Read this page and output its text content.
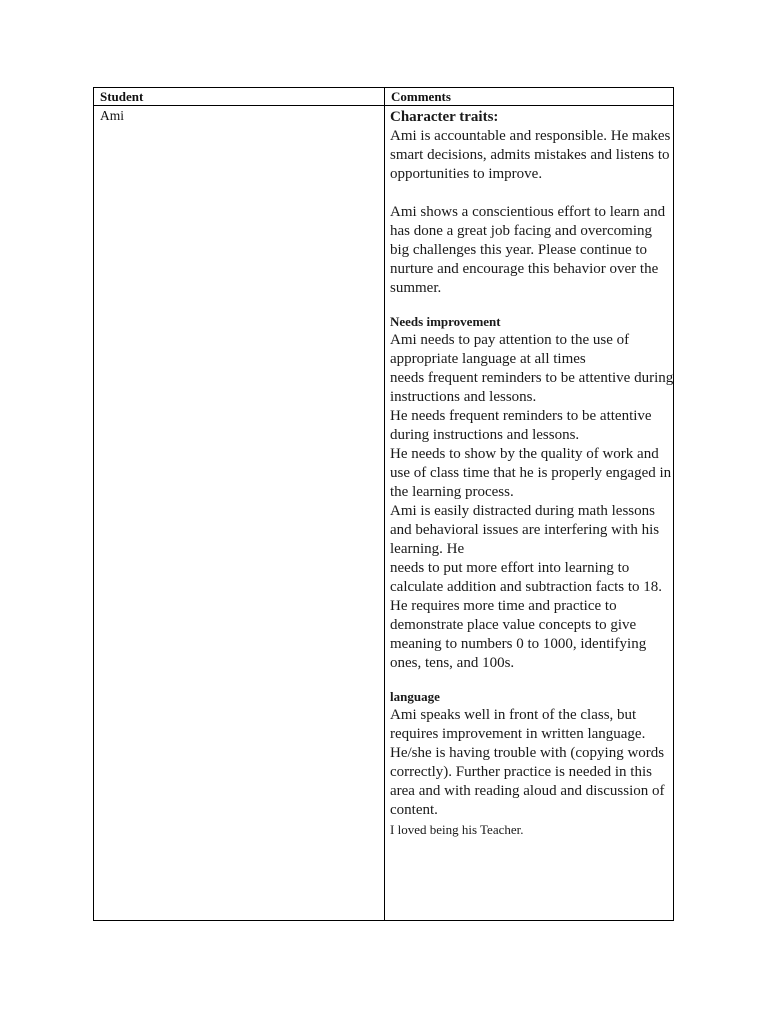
Student	Comments
Ami	Character traits:

Ami is accountable and responsible. He makes smart decisions, admits mistakes and listens to opportunities to improve.

Ami shows a conscientious effort to learn and has done a great job facing and overcoming big challenges this year. Please continue to nurture and encourage this behavior over the summer.

Needs improvement

Ami needs to pay attention to the use of appropriate language at all times

needs frequent reminders to be attentive during instructions and lessons.

He needs frequent reminders to be attentive during instructions and lessons.

He needs to show by the quality of work and use of class time that he is properly engaged in the learning process.

Ami is easily distracted during math lessons and behavioral issues are interfering with his learning. He

needs to put more effort into learning to calculate addition and subtraction facts to 18.

He requires more time and practice to demonstrate place value concepts to give meaning to numbers 0 to 1000, identifying ones, tens, and 100s.

language

Ami speaks well in front of the class, but requires improvement in written language.

He/she is having trouble with (copying words correctly). Further practice is needed in this area and with reading aloud and discussion of content.

I loved being his Teacher.
